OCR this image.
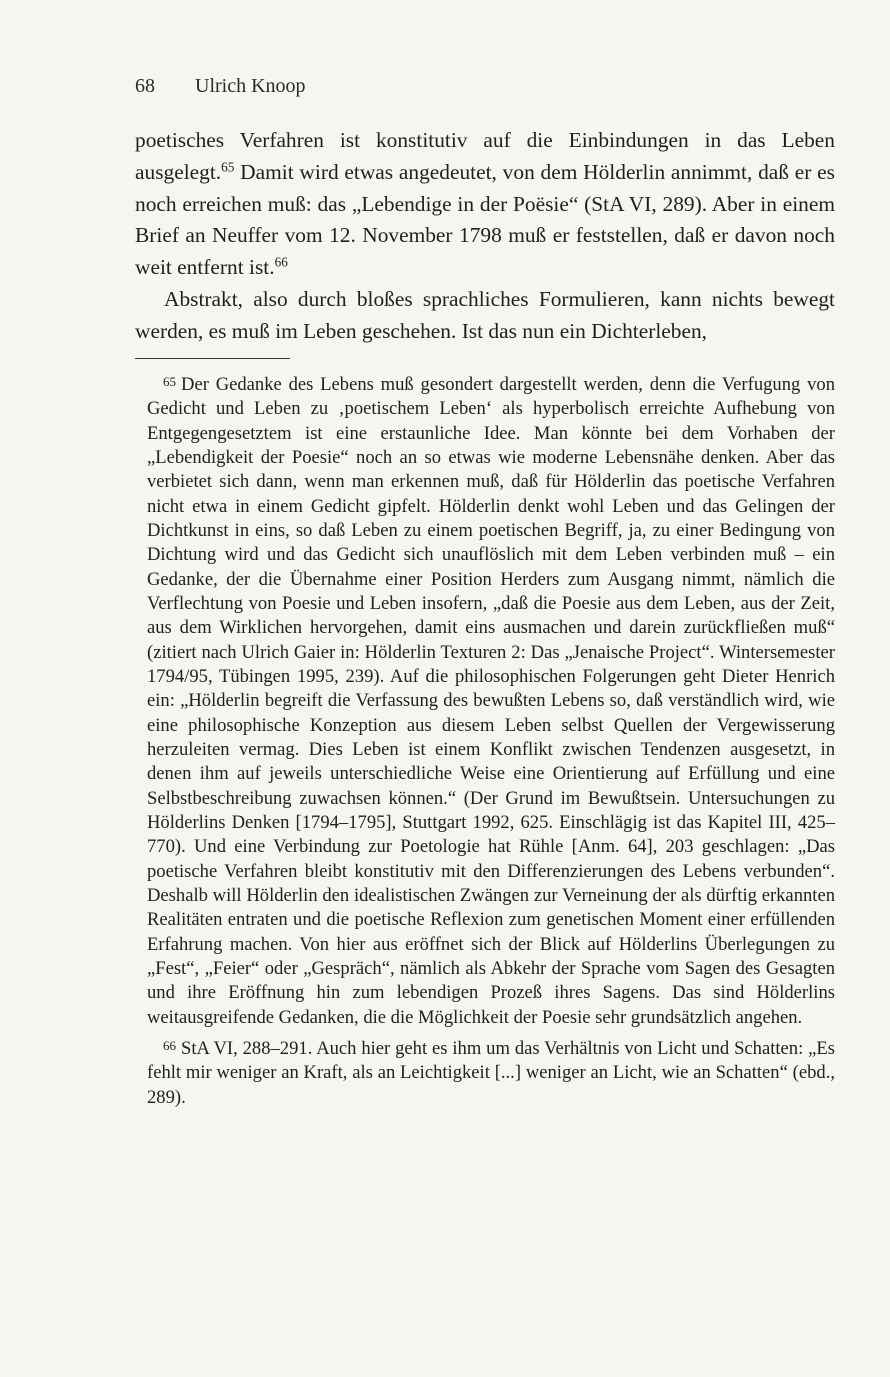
68 Ulrich Knoop

poetisches Verfahren ist konstitutiv auf die Einbindungen in das Leben ausgelegt.$^{65}$ Damit wird etwas angedeutet, von dem Hölderlin annimmt, daß er es noch erreichen muß: das „Lebendige in der Poësie“ (StA VI, 289). Aber in einem Brief an Neuffer vom 12. November 1798 muß er feststellen, daß er davon noch weit entfernt ist.$^{66}$

Abstrakt, also durch bloßes sprachliches Formulieren, kann nichts bewegt werden, es muß im Leben geschehen. Ist das nun ein Dichterleben,

$^{65}$ Der Gedanke des Lebens muß gesondert dargestellt werden, denn die Verfugung von Gedicht und Leben zu ‚poetischem Leben‘ als hyperbolisch erreichte Aufhebung von Entgegengesetztem ist eine erstaunliche Idee. Man könnte bei dem Vorhaben der „Lebendigkeit der Poesie“ noch an so etwas wie moderne Lebensnähe denken. Aber das verbietet sich dann, wenn man erkennen muß, daß für Hölderlin das poetische Verfahren nicht etwa in einem Gedicht gipfelt. Hölderlin denkt wohl Leben und das Gelingen der Dichtkunst in eins, so daß Leben zu einem poetischen Begriff, ja, zu einer Bedingung von Dichtung wird und das Gedicht sich unauflöslich mit dem Leben verbinden muß – ein Gedanke, der die Übernahme einer Position Herders zum Ausgang nimmt, nämlich die Verflechtung von Poesie und Leben insofern, „daß die Poesie aus dem Leben, aus der Zeit, aus dem Wirklichen hervorgehen, damit eins ausmachen und darein zurückfließen muß“ (zitiert nach Ulrich Gaier in: Hölderlin Texturen 2: Das „Jenaische Project“. Wintersemester 1794/95, Tübingen 1995, 239). Auf die philosophischen Folgerungen geht Dieter Henrich ein: „Hölderlin begreift die Verfassung des bewußten Lebens so, daß verständlich wird, wie eine philosophische Konzeption aus diesem Leben selbst Quellen der Vergewisserung herzuleiten vermag. Dies Leben ist einem Konflikt zwischen Tendenzen ausgesetzt, in denen ihm auf jeweils unterschiedliche Weise eine Orientierung auf Erfüllung und eine Selbstbeschreibung zuwachsen können.“ (Der Grund im Bewußtsein. Untersuchungen zu Hölderlins Denken [1794–1795], Stuttgart 1992, 625. Einschlägig ist das Kapitel III, 425–770). Und eine Verbindung zur Poetologie hat Rühle [Anm. 64], 203 geschlagen: „Das poetische Verfahren bleibt konstitutiv mit den Differenzierungen des Lebens verbunden“. Deshalb will Hölderlin den idealistischen Zwängen zur Verneinung der als dürftig erkannten Realitäten entraten und die poetische Reflexion zum genetischen Moment einer erfüllenden Erfahrung machen. Von hier aus eröffnet sich der Blick auf Hölderlins Überlegungen zu „Fest“, „Feier“ oder „Gespräch“, nämlich als Abkehr der Sprache vom Sagen des Gesagten und ihre Eröffnung hin zum lebendigen Prozeß ihres Sagens. Das sind Hölderlins weitausgreifende Gedanken, die die Möglichkeit der Poesie sehr grundsätzlich angehen.

$^{66}$ StA VI, 288–291. Auch hier geht es ihm um das Verhältnis von Licht und Schatten: „Es fehlt mir weniger an Kraft, als an Leichtigkeit [...] weniger an Licht, wie an Schatten“ (ebd., 289).
